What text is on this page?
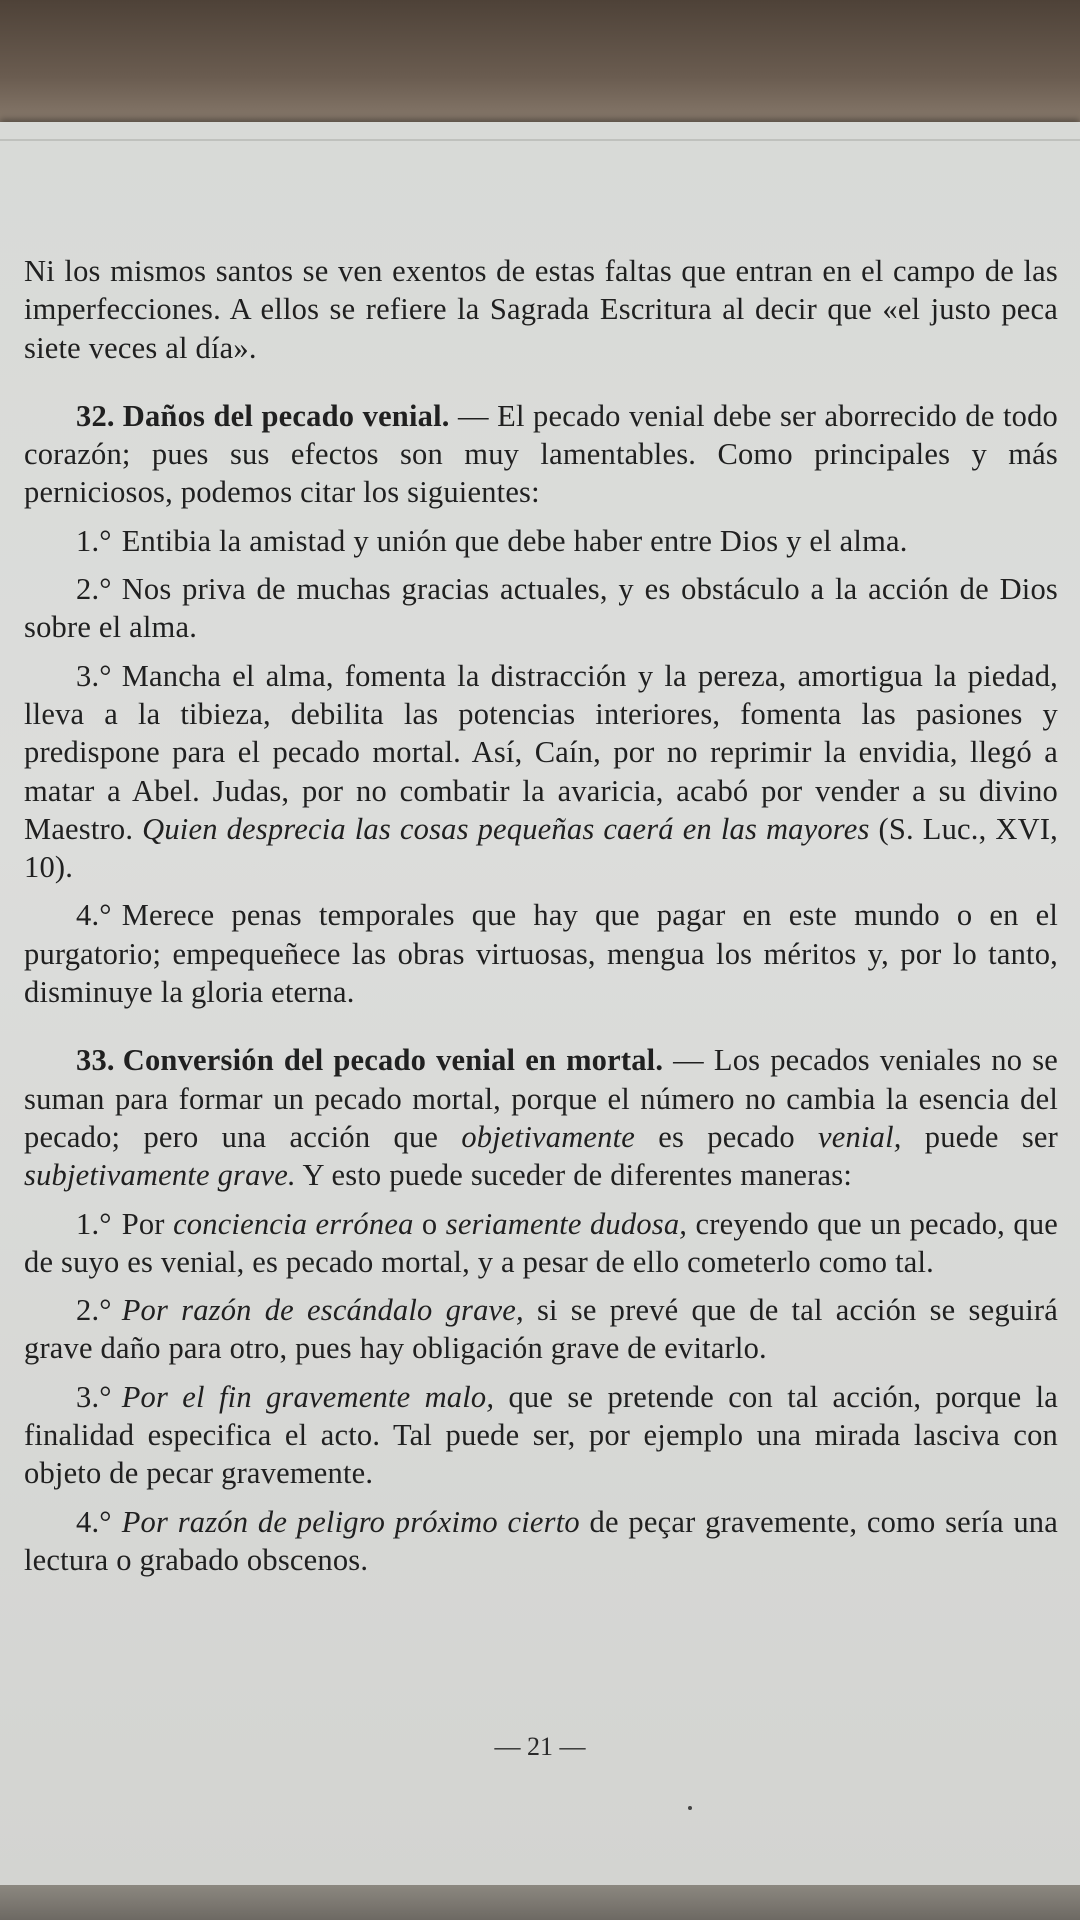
Ni los mismos santos se ven exentos de estas faltas que entran en el campo de las imperfecciones. A ellos se refiere la Sagrada Escritura al decir que «el justo peca siete veces al día».

32. Daños del pecado venial. — El pecado venial debe ser aborrecido de todo corazón; pues sus efectos son muy lamentables. Como principales y más perniciosos, podemos citar los siguientes:

1.° Entibia la amistad y unión que debe haber entre Dios y el alma.

2.° Nos priva de muchas gracias actuales, y es obstáculo a la acción de Dios sobre el alma.

3.° Mancha el alma, fomenta la distracción y la pereza, amortigua la piedad, lleva a la tibieza, debilita las potencias interiores, fomenta las pasiones y predispone para el pecado mortal. Así, Caín, por no reprimir la envidia, llegó a matar a Abel. Judas, por no combatir la avaricia, acabó por vender a su divino Maestro. Quien desprecia las cosas pequeñas caerá en las mayores (S. Luc., XVI, 10).

4.° Merece penas temporales que hay que pagar en este mundo o en el purgatorio; empequeñece las obras virtuosas, mengua los méritos y, por lo tanto, disminuye la gloria eterna.

33. Conversión del pecado venial en mortal. — Los pecados veniales no se suman para formar un pecado mortal, porque el número no cambia la esencia del pecado; pero una acción que objetivamente es pecado venial, puede ser subjetivamente grave. Y esto puede suceder de diferentes maneras:

1.° Por conciencia errónea o seriamente dudosa, creyendo que un pecado, que de suyo es venial, es pecado mortal, y a pesar de ello cometerlo como tal.

2.° Por razón de escándalo grave, si se prevé que de tal acción se seguirá grave daño para otro, pues hay obligación grave de evitarlo.

3.° Por el fin gravemente malo, que se pretende con tal acción, porque la finalidad especifica el acto. Tal puede ser, por ejemplo una mirada lasciva con objeto de pecar gravemente.

4.° Por razón de peligro próximo cierto de peçar gravemente, como sería una lectura o grabado obscenos.

— 21 —
